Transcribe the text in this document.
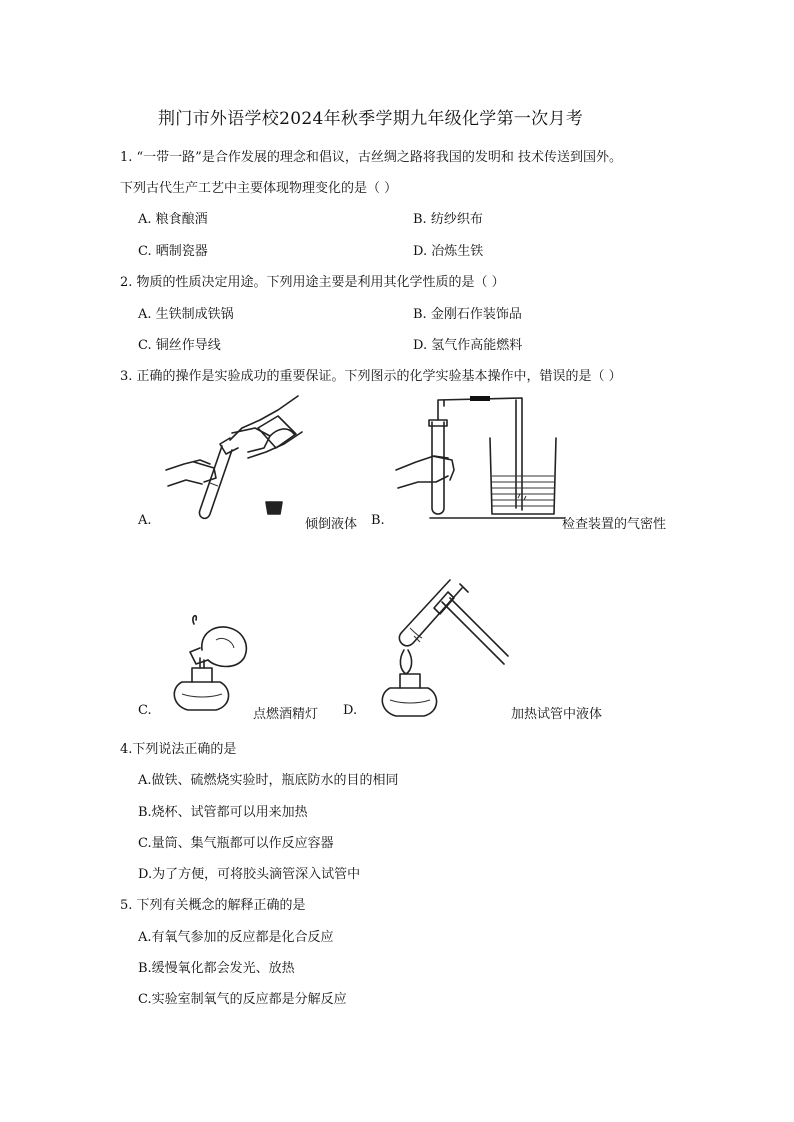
荆门市外语学校2024年秋季学期九年级化学第一次月考
1. “一带一路”是合作发展的理念和倡议，古丝绸之路将我国的发明和 技术传送到国外。
下列古代生产工艺中主要体现物理变化的是（ ）
A. 粮食酿酒	B. 纺纱织布
C. 晒制瓷器	D. 冶炼生铁
2. 物质的性质决定用途。下列用途主要是利用其化学性质的是（ ）
A. 生铁制成铁锅	B. 金刚石作装饰品
C. 铜丝作导线	D. 氢气作高能燃料
3. 正确的操作是实验成功的重要保证。下列图示的化学实验基本操作中，错误的是（ ）
A.	倾倒液体 B.	检查装置的气密性
C.	点燃酒精灯 D.	加热试管中液体
4.下列说法正确的是
A.做铁、硫燃烧实验时，瓶底防水的目的相同
B.烧杯、试管都可以用来加热
C.量筒、集气瓶都可以作反应容器
D.为了方便，可将胶头滴管深入试管中
5. 下列有关概念的解释正确的是
A.有氧气参加的反应都是化合反应
B.缓慢氧化都会发光、放热
C.实验室制氧气的反应都是分解反应
